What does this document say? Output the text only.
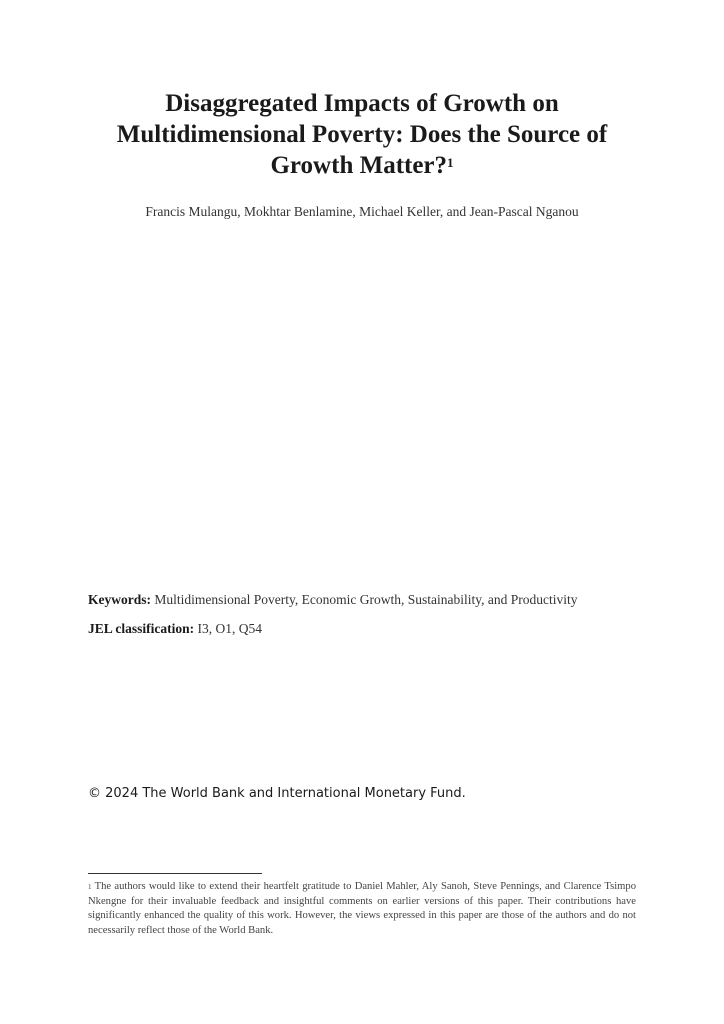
Disaggregated Impacts of Growth on Multidimensional Poverty: Does the Source of Growth Matter?$^1$
Francis Mulangu, Mokhtar Benlamine, Michael Keller, and Jean-Pascal Nganou
Keywords: Multidimensional Poverty, Economic Growth, Sustainability, and Productivity
JEL classification: I3, O1, Q54
© 2024 The World Bank and International Monetary Fund.
$^1$ The authors would like to extend their heartfelt gratitude to Daniel Mahler, Aly Sanoh, Steve Pennings, and Clarence Tsimpo Nkengne for their invaluable feedback and insightful comments on earlier versions of this paper. Their contributions have significantly enhanced the quality of this work. However, the views expressed in this paper are those of the authors and do not necessarily reflect those of the World Bank.
